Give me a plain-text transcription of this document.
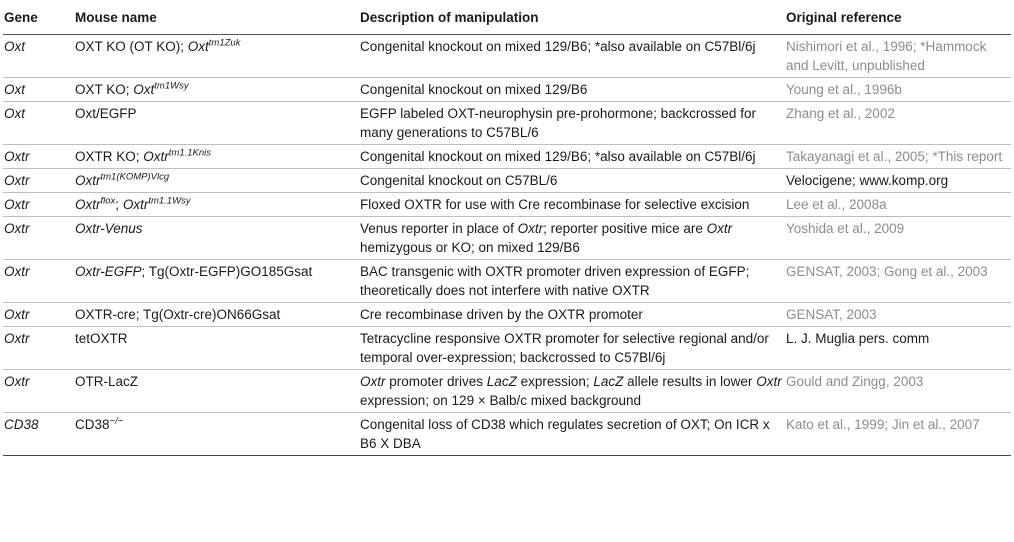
Gene	Mouse name	Description of manipulation	Original reference
Oxt	OXT KO (OT KO); Oxt$^{tm1Zuk}$	Congenital knockout on mixed 129/B6; *also available on C57Bl/6j	Nishimori et al., 1996; *Hammock and Levitt, unpublished
Oxt	OXT KO; Oxt$^{tm1Wsy}$	Congenital knockout on mixed 129/B6	Young et al., 1996b
Oxt	Oxt/EGFP	EGFP labeled OXT-neurophysin pre-prohormone; backcrossed for many generations to C57BL/6	Zhang et al., 2002
Oxtr	OXTR KO; Oxtr$^{tm1.1Knis}$	Congenital knockout on mixed 129/B6; *also available on C57Bl/6j	Takayanagi et al., 2005; *This report
Oxtr	Oxtr$^{tm1(KOMP)Vlcg}$	Congenital knockout on C57BL/6	Velocigene; www.komp.org
Oxtr	Oxtr$^{flox}$; Oxtr$^{tm1.1Wsy}$	Floxed OXTR for use with Cre recombinase for selective excision	Lee et al., 2008a
Oxtr	Oxtr-Venus	Venus reporter in place of Oxtr; reporter positive mice are Oxtr hemizygous or KO; on mixed 129/B6	Yoshida et al., 2009
Oxtr	Oxtr-EGFP; Tg(Oxtr-EGFP)GO185Gsat	BAC transgenic with OXTR promoter driven expression of EGFP; theoretically does not interfere with native OXTR	GENSAT, 2003; Gong et al., 2003
Oxtr	OXTR-cre; Tg(Oxtr-cre)ON66Gsat	Cre recombinase driven by the OXTR promoter	GENSAT, 2003
Oxtr	tetOXTR	Tetracycline responsive OXTR promoter for selective regional and/or temporal over-expression; backcrossed to C57Bl/6j	L. J. Muglia pers. comm
Oxtr	OTR-LacZ	Oxtr promoter drives LacZ expression; LacZ allele results in lower Oxtr expression; on 129 × Balb/c mixed background	Gould and Zingg, 2003
CD38	CD38−/−	Congenital loss of CD38 which regulates secretion of OXT; On ICR x B6 X DBA	Kato et al., 1999; Jin et al., 2007
